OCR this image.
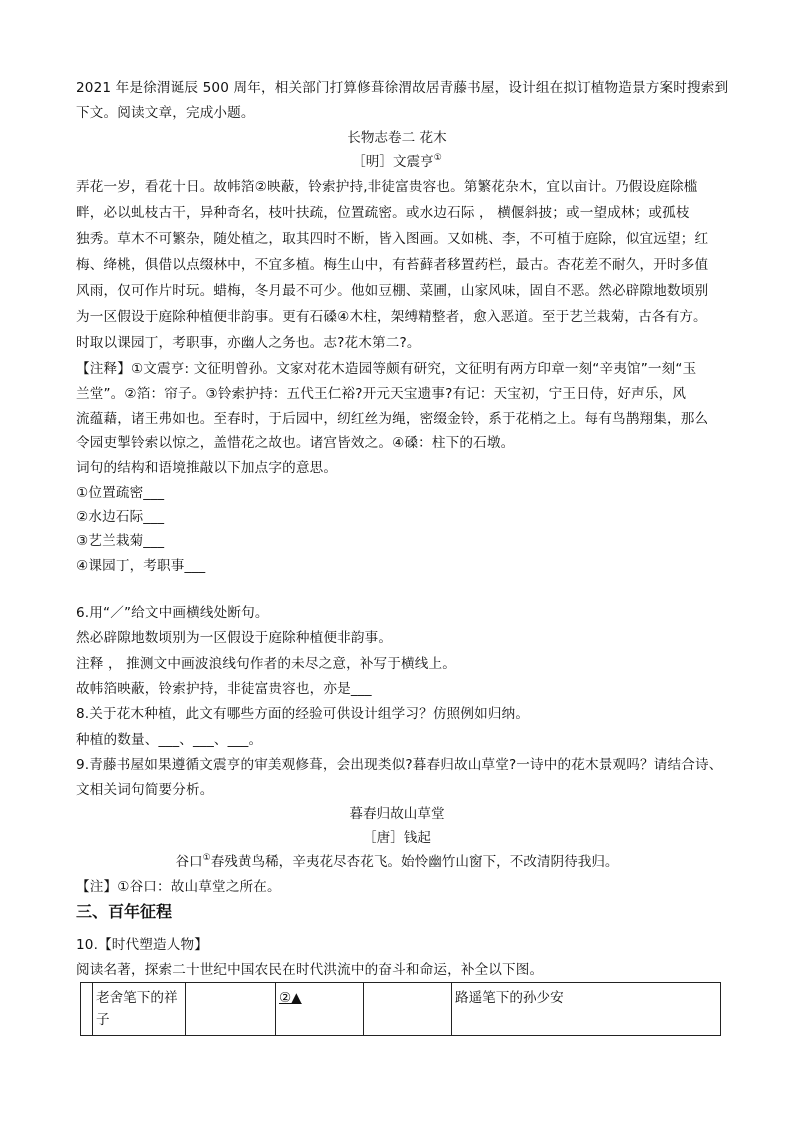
2021 年是徐渭诞辰 500 周年，相关部门打算修葺徐渭故居青藤书屋，设计组在拟订植物造景方案时搜索到
下文。阅读文章，完成小题。
长物志卷二 花木
［明］文震亨①
弄花一岁，看花十日。故帏箔②映蔽，铃索护持,非徒富贵容也。第繁花杂木，宜以亩计。乃假设庭除槛
畔，必以虬枝古干，异种奇名，枝叶扶疏，位置疏密。或水边石际 ， 横偃斜披；或一望成林；或孤枝
独秀。草木不可繁杂，随处植之，取其四时不断，皆入图画。又如桃、李，不可植于庭除，似宜远望；红
梅、绛桃，俱借以点缀林中，不宜多植。梅生山中，有苔藓者移置药栏，最古。杏花差不耐久，开时多值
风雨，仅可作片时玩。蜡梅，冬月最不可少。他如豆棚、菜圃，山家风味，固自不恶。然必辟隙地数顷别
为一区假设于庭除种植便非韵事。更有石磉④木柱，架缚精整者，愈入恶道。至于艺兰栽菊，古各有方。
时取以课园丁，考职事，亦幽人之务也。志?花木第二?。
【注释】①文震亨: 文征明曾孙。文家对花木造园等颇有研究，文征明有两方印章一刻“辛夷馆”一刻“玉
兰堂”。②箔：帘子。③铃索护持：五代王仁裕?开元天宝遗事?有记：天宝初，宁王日侍，好声乐，风
流蕴藉，诸王弗如也。至春时，于后园中，纫红丝为绳，密缀金铃，系于花梢之上。每有鸟鹊翔集，那么
令园吏掣铃索以惊之，盖惜花之故也。诸宫皆效之。④磉：柱下的石墩。
词句的结构和语境推敲以下加点字的意思。
①位置疏密___
②水边石际___
③艺兰栽菊___
④课园丁，考职事___
6.用“／”给文中画横线处断句。
然必辟隙地数顷别为一区假设于庭除种植便非韵事。
注释 ， 推测文中画波浪线句作者的未尽之意，补写于横线上。
故帏箔映蔽，铃索护持，非徒富贵容也，亦是___
8.关于花木种植，此文有哪些方面的经验可供设计组学习？仿照例如归纳。
种植的数量、___、___、___。
9.青藤书屋如果遵循文震亨的审美观修葺，会出现类似?暮春归故山草堂?一诗中的花木景观吗？请结合诗、
文相关词句简要分析。
暮春归故山草堂
［唐］钱起
谷口①春残黄鸟稀，辛夷花尽杏花飞。始怜幽竹山窗下，不改清阴待我归。
【注】①谷口：故山草堂之所在。
三、百年征程
10.【时代塑造人物】
阅读名著，探索二十世纪中国农民在时代洪流中的奋斗和命运，补全以下图。
	老舍笔下的祥子		②▲		路遥笔下的孙少安
